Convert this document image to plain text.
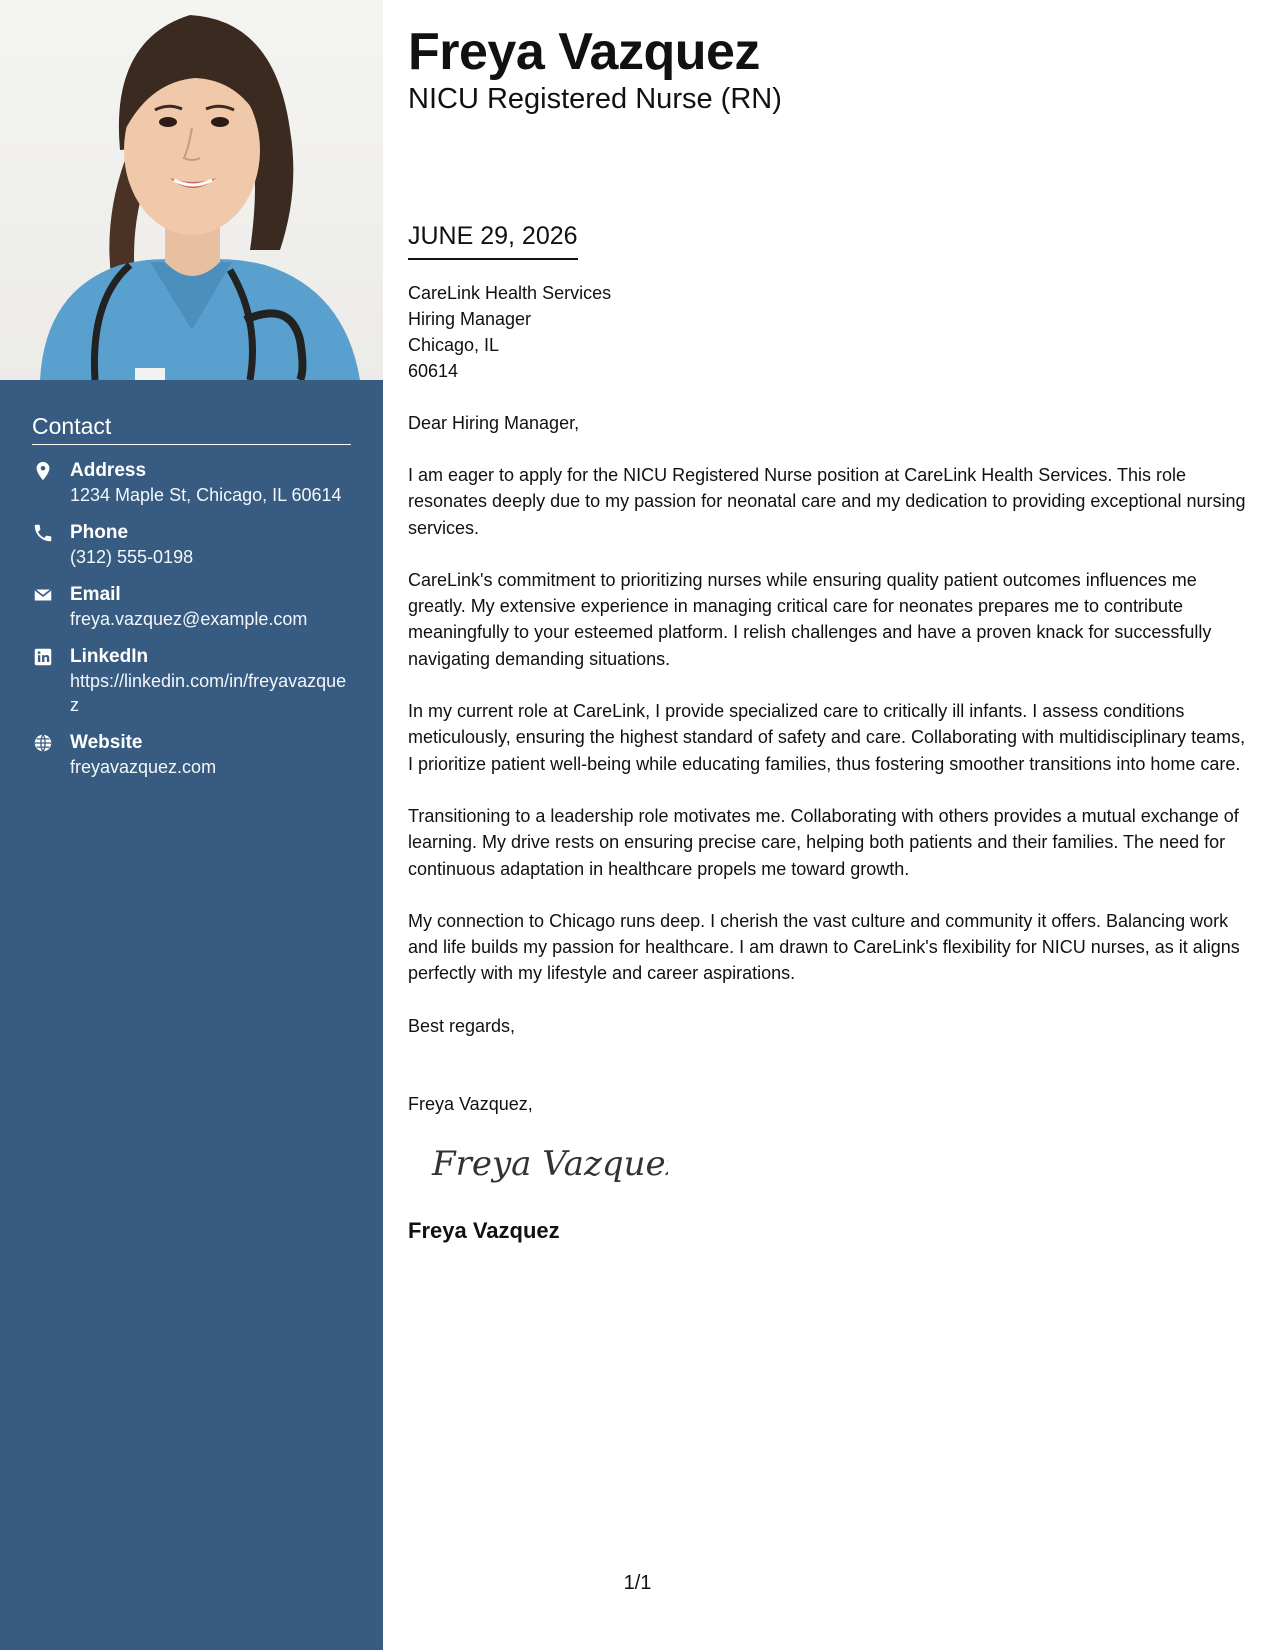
Contact
Address
1234 Maple St, Chicago, IL 60614
Phone
(312) 555-0198
Email
freya.vazquez@example.com
LinkedIn
https://linkedin.com/in/freyavazquez
Website
freyavazquez.com
Freya Vazquez
NICU Registered Nurse (RN)
JUNE 29, 2026
CareLink Health Services
Hiring Manager
Chicago, IL
60614
Dear Hiring Manager,
I am eager to apply for the NICU Registered Nurse position at CareLink Health Services. This role resonates deeply due to my passion for neonatal care and my dedication to providing exceptional nursing services.
CareLink's commitment to prioritizing nurses while ensuring quality patient outcomes influences me greatly. My extensive experience in managing critical care for neonates prepares me to contribute meaningfully to your esteemed platform. I relish challenges and have a proven knack for successfully navigating demanding situations.
In my current role at CareLink, I provide specialized care to critically ill infants. I assess conditions meticulously, ensuring the highest standard of safety and care. Collaborating with multidisciplinary teams, I prioritize patient well-being while educating families, thus fostering smoother transitions into home care.
Transitioning to a leadership role motivates me. Collaborating with others provides a mutual exchange of learning. My drive rests on ensuring precise care, helping both patients and their families. The need for continuous adaptation in healthcare propels me toward growth.
My connection to Chicago runs deep. I cherish the vast culture and community it offers. Balancing work and life builds my passion for healthcare. I am drawn to CareLink's flexibility for NICU nurses, as it aligns perfectly with my lifestyle and career aspirations.
Best regards,
Freya Vazquez,
Freya Vazquez
Freya Vazquez
1/1
